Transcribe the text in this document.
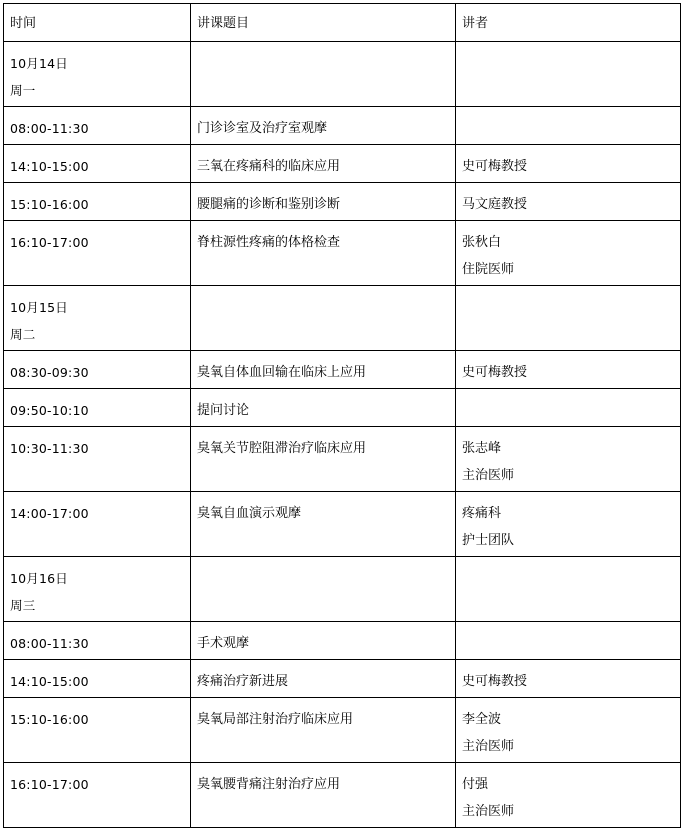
时间	讲课题目	讲者

10月14日
周一		

08:00-11:30	门诊诊室及治疗室观摩	

14:10-15:00	三氧在疼痛科的临床应用	史可梅教授

15:10-16:00	腰腿痛的诊断和鉴别诊断	马文庭教授

16:10-17:00	脊柱源性疼痛的体格检查	张秋白
住院医师

10月15日
周二		

08:30-09:30	臭氧自体血回输在临床上应用	史可梅教授

09:50-10:10	提问讨论	

10:30-11:30	臭氧关节腔阻滞治疗临床应用	张志峰
主治医师

14:00-17:00	臭氧自血演示观摩	疼痛科
护士团队

10月16日
周三		

08:00-11:30	手术观摩	

14:10-15:00	疼痛治疗新进展	史可梅教授

15:10-16:00	臭氧局部注射治疗临床应用	李全波
主治医师

16:10-17:00	臭氧腰背痛注射治疗应用	付强
主治医师
